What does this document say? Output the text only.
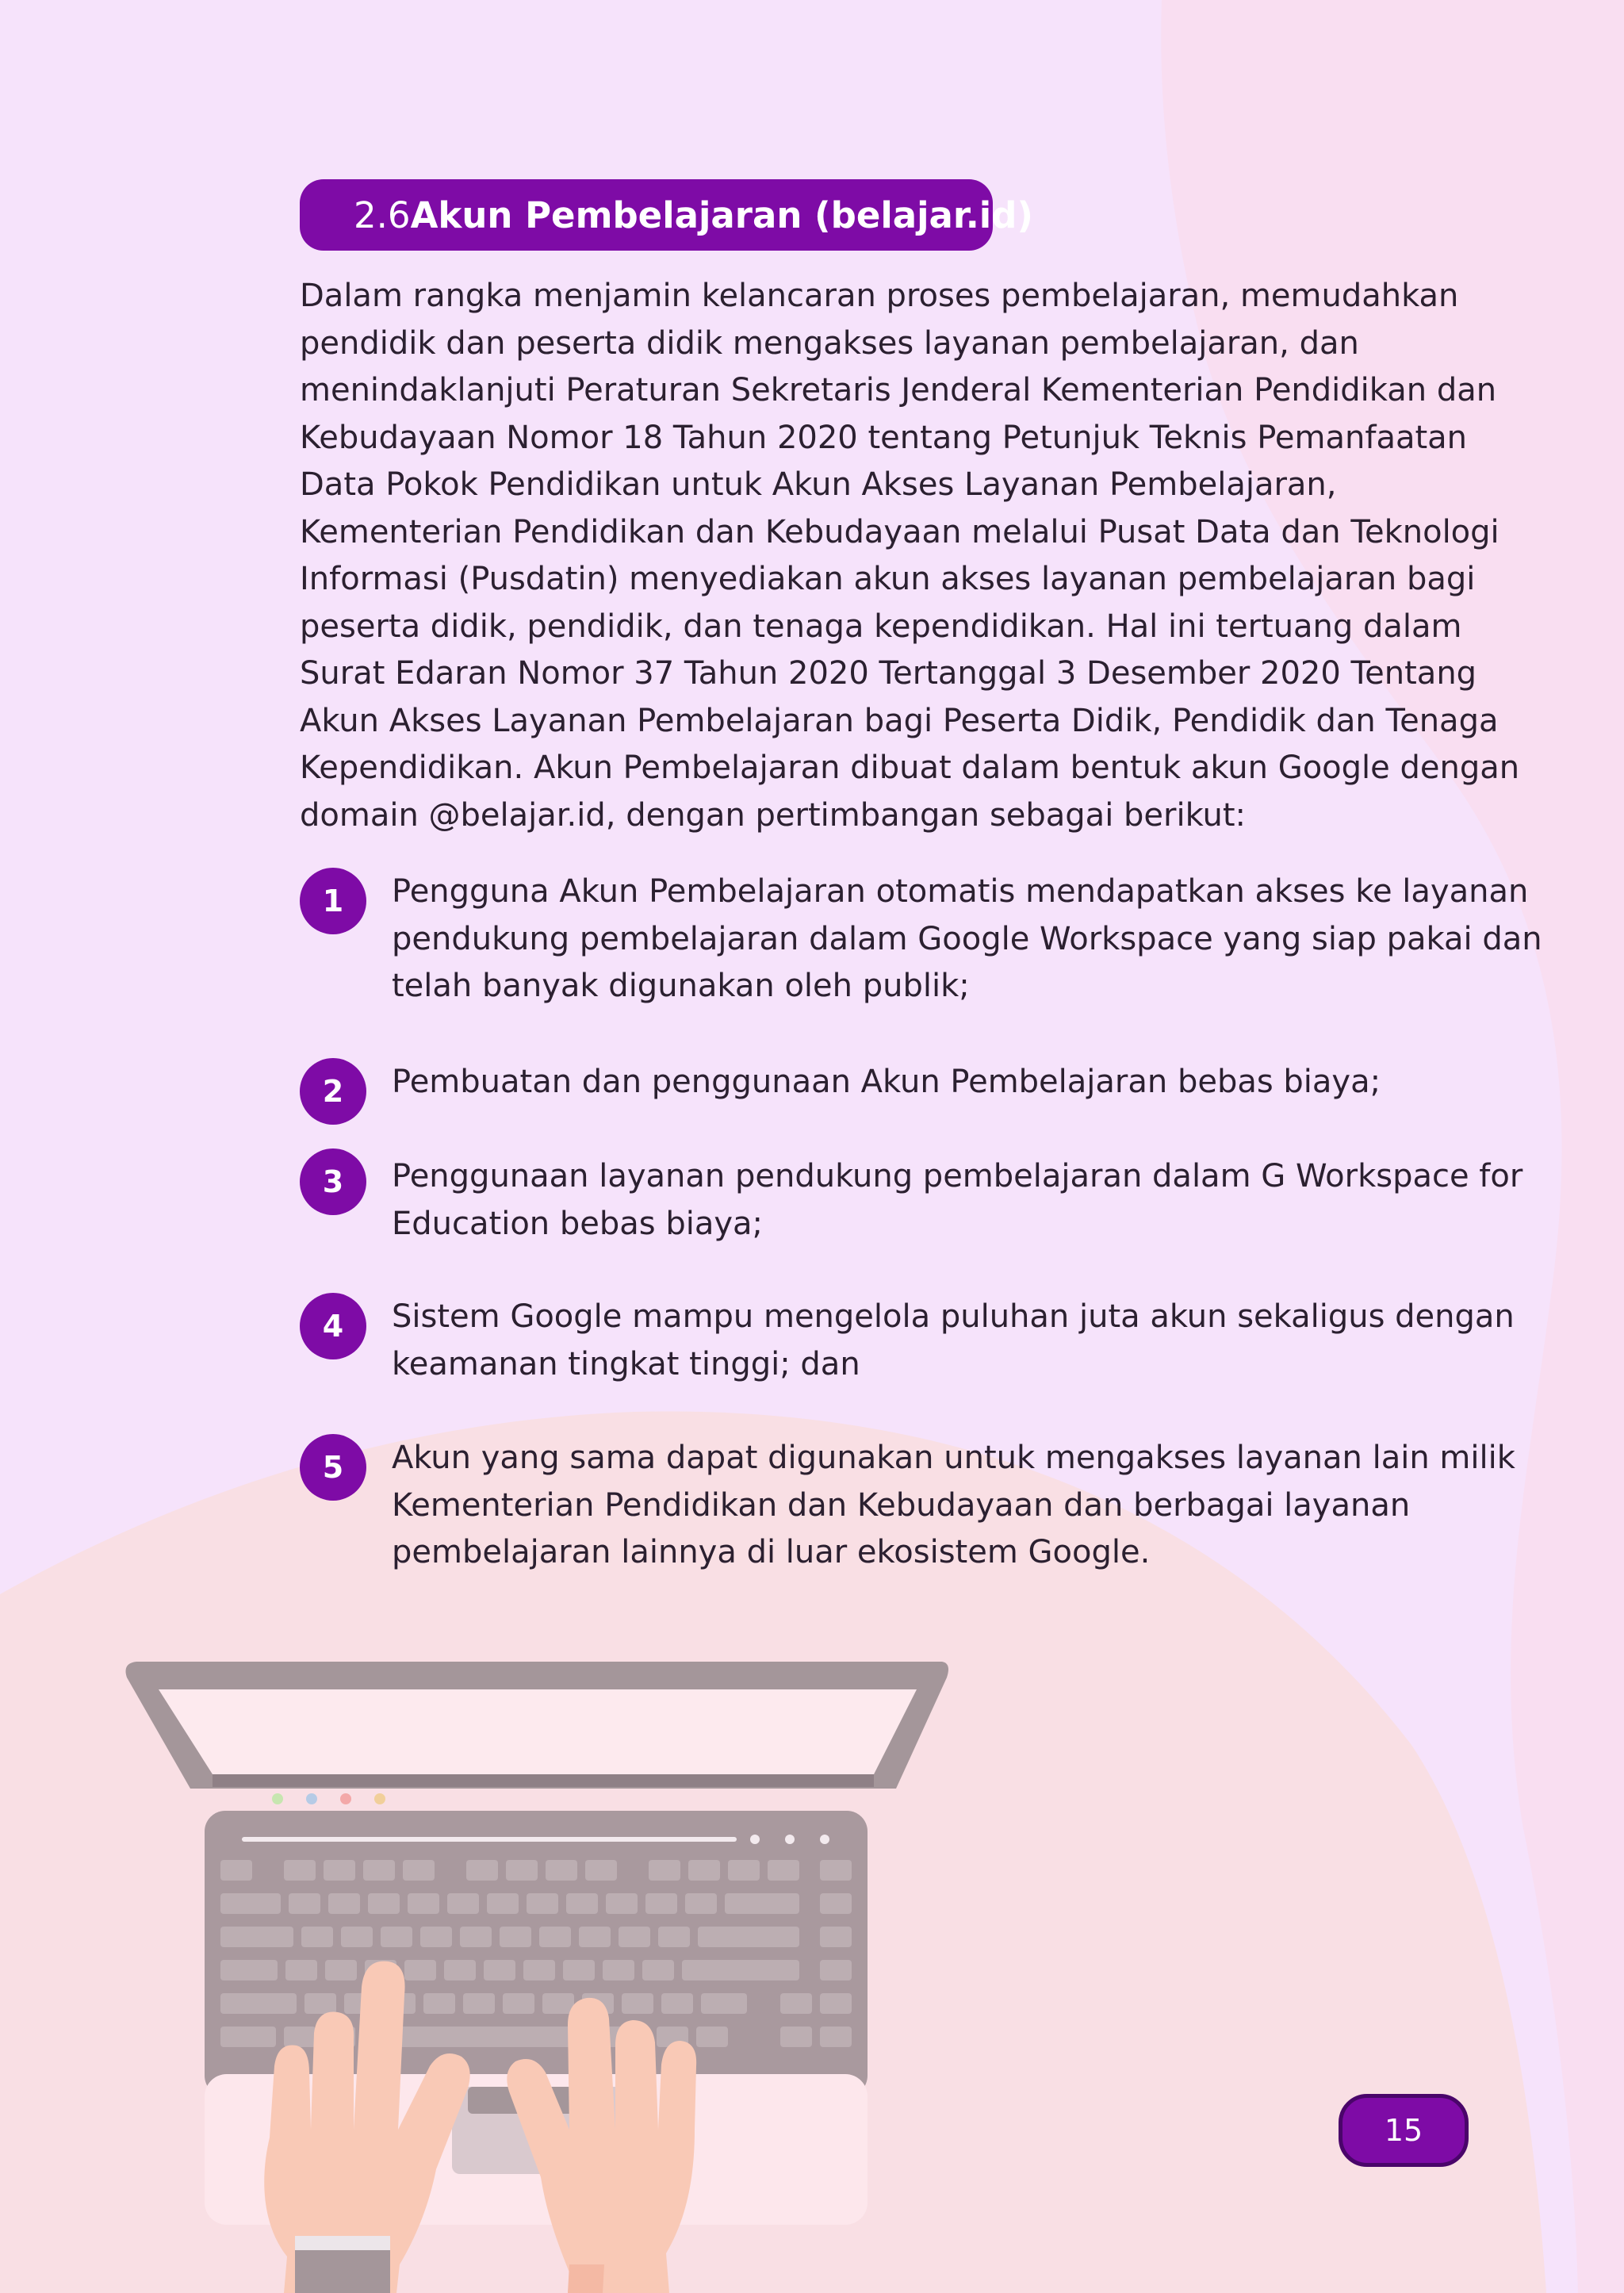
2.6 Akun Pembelajaran (belajar.id)
Dalam rangka menjamin kelancaran proses pembelajaran, memudahkan
pendidik dan peserta didik mengakses layanan pembelajaran, dan
menindaklanjuti Peraturan Sekretaris Jenderal Kementerian Pendidikan dan
Kebudayaan Nomor 18 Tahun 2020 tentang Petunjuk Teknis Pemanfaatan
Data Pokok Pendidikan untuk Akun Akses Layanan Pembelajaran,
Kementerian Pendidikan dan Kebudayaan melalui Pusat Data dan Teknologi
Informasi (Pusdatin) menyediakan akun akses layanan pembelajaran bagi
peserta didik, pendidik, dan tenaga kependidikan. Hal ini tertuang dalam
Surat Edaran Nomor 37 Tahun 2020 Tertanggal 3 Desember 2020 Tentang
Akun Akses Layanan Pembelajaran bagi Peserta Didik, Pendidik dan Tenaga
Kependidikan. Akun Pembelajaran dibuat dalam bentuk akun Google dengan
domain @belajar.id, dengan pertimbangan sebagai berikut:
1	Pengguna Akun Pembelajaran otomatis mendapatkan akses ke layanan
pendukung pembelajaran dalam Google Workspace yang siap pakai dan
telah banyak digunakan oleh publik;
2	Pembuatan dan penggunaan Akun Pembelajaran bebas biaya;
3	Penggunaan layanan pendukung pembelajaran dalam G Workspace for
Education bebas biaya;
4	Sistem Google mampu mengelola puluhan juta akun sekaligus dengan
keamanan tingkat tinggi; dan
5	Akun yang sama dapat digunakan untuk mengakses layanan lain milik
Kementerian Pendidikan dan Kebudayaan dan berbagai layanan
pembelajaran lainnya di luar ekosistem Google.
15
